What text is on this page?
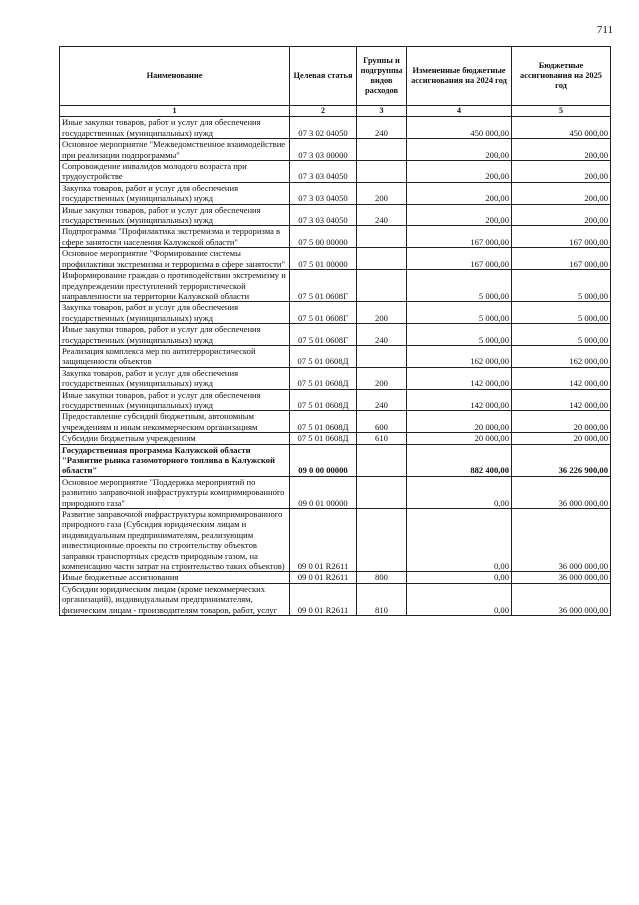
711
Наименование	Целевая статья	Группы и подгруппы видов расходов	Измененные бюджетные ассигнования на 2024 год	Бюджетные ассигнования на 2025 год
1	2	3	4	5
Иные закупки товаров, работ и услуг для обеспечения государственных (муниципальных) нужд	07 3 02 04050	240	450 000,00	450 000,00
Основное мероприятие "Межведомственное взаимодействие при реализации подпрограммы"	07 3 03 00000		200,00	200,00
Сопровождение инвалидов молодого возраста при трудоустройстве	07 3 03 04050		200,00	200,00
Закупка товаров, работ и услуг для обеспечения государственных (муниципальных) нужд	07 3 03 04050	200	200,00	200,00
Иные закупки товаров, работ и услуг для обеспечения государственных (муниципальных) нужд	07 3 03 04050	240	200,00	200,00
Подпрограмма "Профилактика экстремизма и терроризма в сфере занятости населения Калужской области"	07 5 00 00000		167 000,00	167 000,00
Основное мероприятие "Формирование системы профилактики экстремизма и терроризма в сфере занятости"	07 5 01 00000		167 000,00	167 000,00
Информирование граждан о противодействии экстремизму и предупреждении преступлений террористической направленности на территории Калужской области	07 5 01 0608Г		5 000,00	5 000,00
Закупка товаров, работ и услуг для обеспечения государственных (муниципальных) нужд	07 5 01 0608Г	200	5 000,00	5 000,00
Иные закупки товаров, работ и услуг для обеспечения государственных (муниципальных) нужд	07 5 01 0608Г	240	5 000,00	5 000,00
Реализация комплекса мер по антитеррористической защищенности объектов	07 5 01 0608Д		162 000,00	162 000,00
Закупка товаров, работ и услуг для обеспечения государственных (муниципальных) нужд	07 5 01 0608Д	200	142 000,00	142 000,00
Иные закупки товаров, работ и услуг для обеспечения государственных (муниципальных) нужд	07 5 01 0608Д	240	142 000,00	142 000,00
Предоставление субсидий бюджетным, автономным учреждениям и иным некоммерческим организациям	07 5 01 0608Д	600	20 000,00	20 000,00
Субсидии бюджетным учреждениям	07 5 01 0608Д	610	20 000,00	20 000,00
Государственная программа Калужской области "Развитие рынка газомоторного топлива в Калужской области"	09 0 00 00000		882 400,00	36 226 900,00
Основное мероприятие "Поддержка мероприятий по развитию заправочной инфраструктуры компримированного природного газа"	09 0 01 00000		0,00	36 000 000,00
Развитие заправочной инфраструктуры компримированного природного газа (Субсидия юридическим лицам и индивидуальным предпринимателям, реализующим инвестиционные проекты по строительству объектов заправки транспортных средств природным газом, на компенсацию части затрат на строительство таких объектов)	09 0 01 R2611		0,00	36 000 000,00
Иные бюджетные ассигнования	09 0 01 R2611	800	0,00	36 000 000,00
Субсидии юридическим лицам (кроме некоммерческих организаций), индивидуальным предпринимателям, физическим лицам - производителям товаров, работ, услуг	09 0 01 R2611	810	0,00	36 000 000,00
